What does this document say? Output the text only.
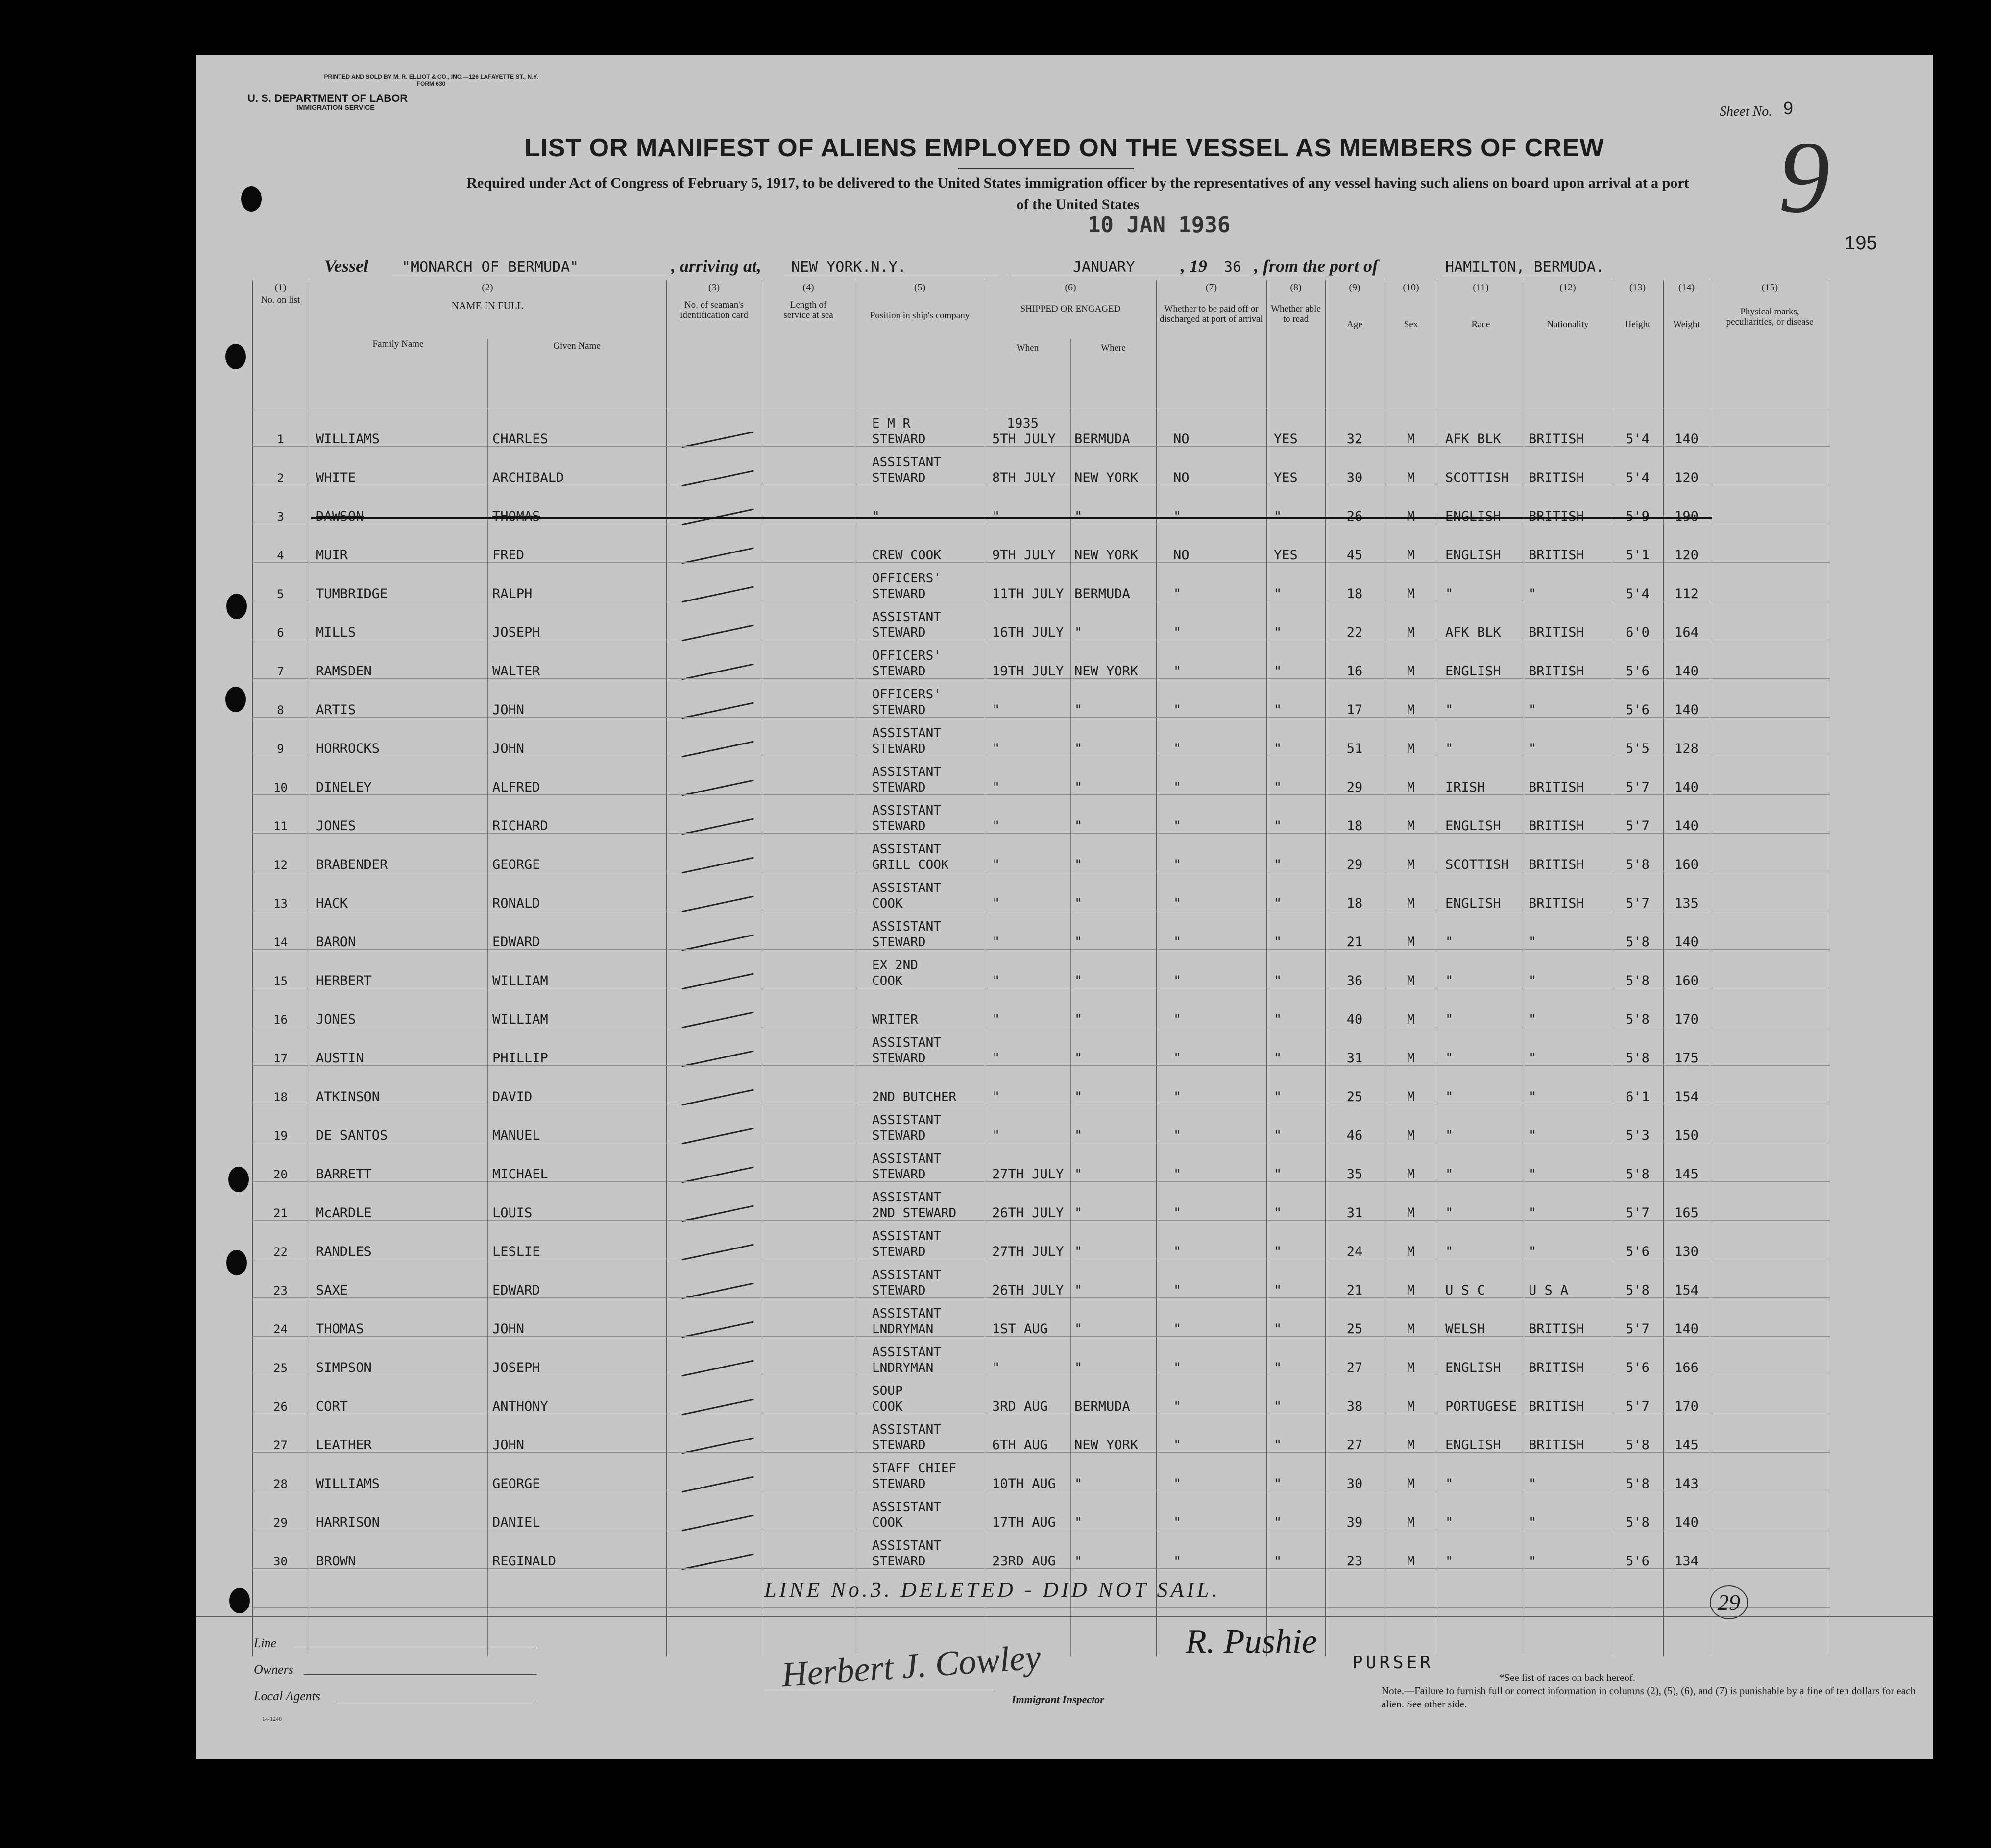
PRINTED AND SOLD BY M. R. ELLIOT & CO., INC.—126 LAFAYETTE ST., N.Y.
FORM 630
U. S. DEPARTMENT OF LABOR
IMMIGRATION SERVICE	Sheet No. 9
9
195
LIST OR MANIFEST OF ALIENS EMPLOYED ON THE VESSEL AS MEMBERS OF CREW
Required under Act of Congress of February 5, 1917, to be delivered to the United States immigration officer by the representatives of any vessel having such aliens on board upon arrival at a port
of the United States
10 JAN 1936
Vessel "MONARCH OF BERMUDA"	, arriving at, NEW YORK.N.Y.	JANUARY	, 19 36 , from the port of	HAMILTON, BERMUDA.
(1)
No. on list
(2)
NAME IN FULL
Family Name	Given Name
(3)
No. of seaman's identification card
(4)
Length of service at sea
(5)
Position in ship's company
(6)
SHIPPED OR ENGAGED
When	Where
(7)
Whether to be paid off or discharged at port of arrival
(8)
Whether able to read
(9)
Age
(10)
Sex
(11)
Race
(12)
Nationality
(13)
Height
(14)
Weight
(15)
Physical marks, peculiarities, or disease
1	WILLIAMS	CHARLES
E M R
STEWARD
1935
5TH JULY	BERMUDA	NO	YES	32	M	AFK BLK	BRITISH	5'4	140
2	WHITE	ARCHIBALD
ASSISTANT
STEWARD	8TH JULY	NEW YORK	NO	YES	30	M	SCOTTISH	BRITISH	5'4	120
3	DAWSON	THOMAS	"	"	"	"	"	26	M	ENGLISH	BRITISH	5'9	190
4	MUIR	FRED	CREW COOK	9TH JULY	NEW YORK	NO	YES	45	M	ENGLISH	BRITISH	5'1	120
5	TUMBRIDGE	RALPH
OFFICERS'
STEWARD	11TH JULY BERMUDA	"	"	18	M	"	"	5'4	112
6	MILLS	JOSEPH
ASSISTANT
STEWARD	16TH JULY "	"	"	22	M	AFK BLK	BRITISH	6'0	164
7	RAMSDEN	WALTER
OFFICERS'
STEWARD	19TH JULY NEW YORK	"	"	16	M	ENGLISH	BRITISH	5'6	140
8	ARTIS	JOHN
OFFICERS'
STEWARD	"	"	"	"	17	M	"	"	5'6	140
9	HORROCKS	JOHN
ASSISTANT
STEWARD	"	"	"	"	51	M	"	"	5'5	128
10	DINELEY	ALFRED
ASSISTANT
STEWARD	"	"	"	"	29	M	IRISH	BRITISH	5'7	140
11	JONES	RICHARD
ASSISTANT
STEWARD	"	"	"	"	18	M	ENGLISH	BRITISH	5'7	140
12	BRABENDER	GEORGE
ASSISTANT
GRILL COOK	"	"	"	"	29	M	SCOTTISH	BRITISH	5'8	160
13	HACK	RONALD
ASSISTANT
COOK	"	"	"	"	18	M	ENGLISH	BRITISH	5'7	135
14	BARON	EDWARD
ASSISTANT
STEWARD	"	"	"	"	21	M	"	"	5'8	140
15	HERBERT	WILLIAM
EX 2ND
COOK	"	"	"	"	36	M	"	"	5'8	160
16	JONES	WILLIAM	WRITER	"	"	"	"	40	M	"	"	5'8	170
17	AUSTIN	PHILLIP
ASSISTANT
STEWARD	"	"	"	"	31	M	"	"	5'8	175
18	ATKINSON	DAVID	2ND BUTCHER	"	"	"	"	25	M	"	"	6'1	154
19	DE SANTOS	MANUEL
ASSISTANT
STEWARD	"	"	"	"	46	M	"	"	5'3	150
20	BARRETT	MICHAEL
ASSISTANT
STEWARD	27TH JULY "	"	"	35	M	"	"	5'8	145
21	McARDLE	LOUIS
ASSISTANT
2ND STEWARD	26TH JULY "	"	"	31	M	"	"	5'7	165
22	RANDLES	LESLIE
ASSISTANT
STEWARD	27TH JULY "	"	"	24	M	"	"	5'6	130
23	SAXE	EDWARD
ASSISTANT
STEWARD	26TH JULY "	"	"	21	M	U S C	U S A	5'8	154
24	THOMAS	JOHN
ASSISTANT
LNDRYMAN	1ST AUG	"	"	"	25	M	WELSH	BRITISH	5'7	140
25	SIMPSON	JOSEPH
ASSISTANT
LNDRYMAN	"	"	"	"	27	M	ENGLISH	BRITISH	5'6	166
26	CORT	ANTHONY
SOUP
COOK	3RD AUG	BERMUDA	"	"	38	M	PORTUGESE BRITISH	5'7	170
27	LEATHER	JOHN
ASSISTANT
STEWARD	6TH AUG	NEW YORK	"	"	27	M	ENGLISH	BRITISH	5'8	145
28	WILLIAMS	GEORGE
STAFF CHIEF
STEWARD	10TH AUG	"	"	"	30	M	"	"	5'8	143
29	HARRISON	DANIEL
ASSISTANT
COOK	17TH AUG	"	"	"	39	M	"	"	5'8	140
30	BROWN	REGINALD
ASSISTANT
STEWARD	23RD AUG	"	"	"	23	M	"	"	5'6	134
LINE No.3. DELETED - DID NOT SAIL.
29
Line
Owners
Local Agents
14-1240
Herbert J. Cowley
Immigrant Inspector
R. Pushie
PURSER
*See list of races on back hereof.
Note.—Failure to furnish full or correct information in columns (2), (5), (6), and (7) is punishable by a fine of ten dollars for each alien. See other side.
